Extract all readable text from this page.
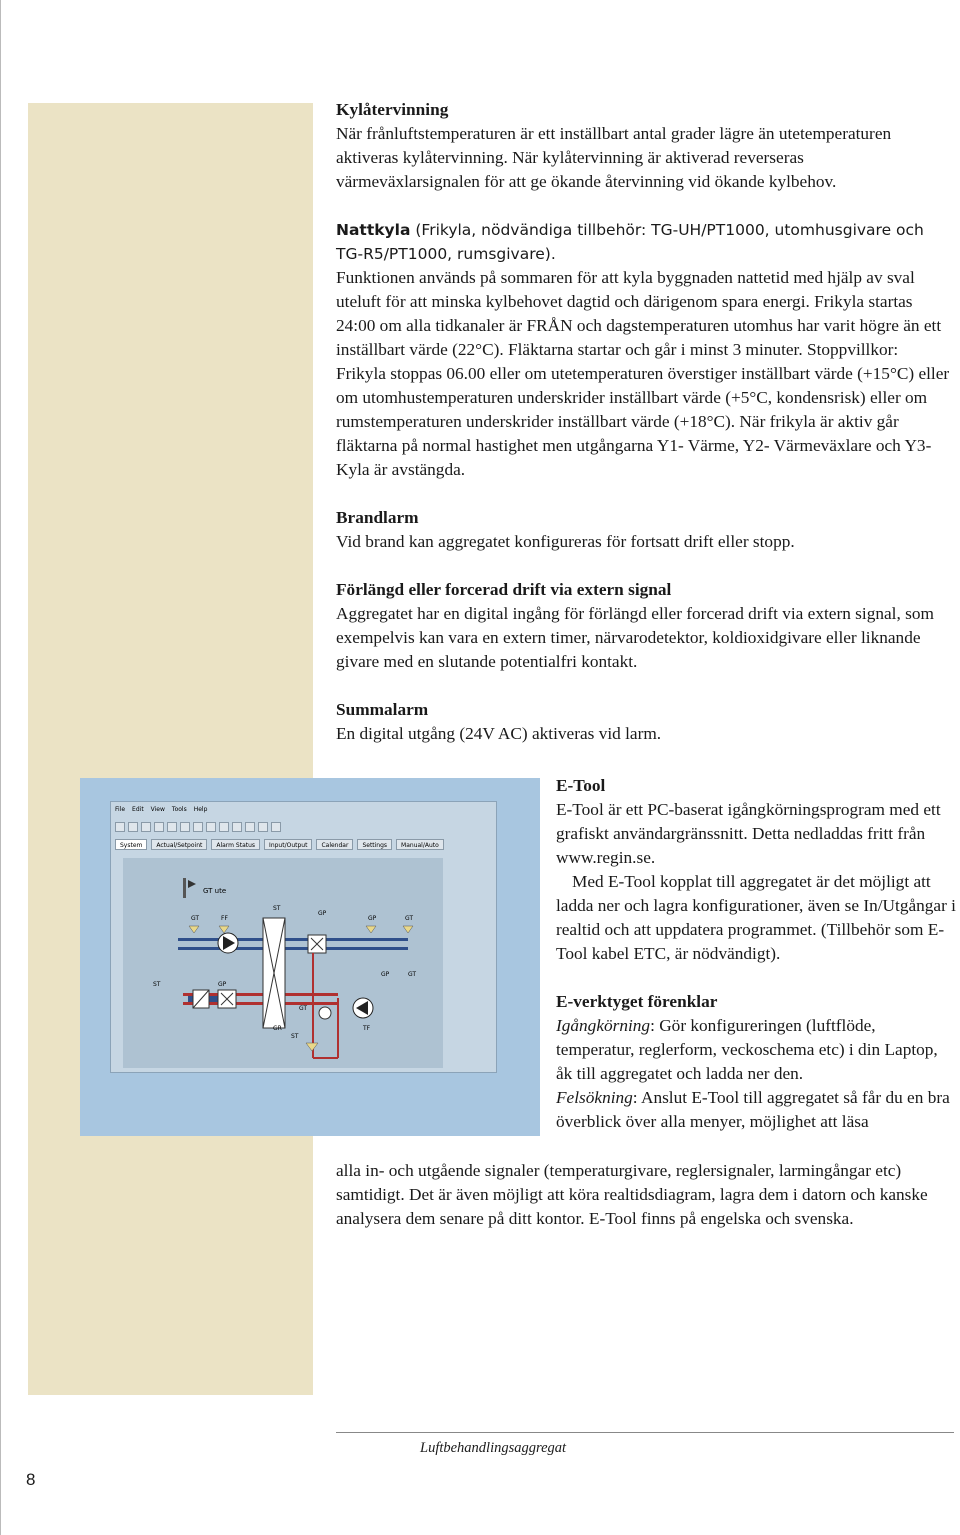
Kylåtervinning

När frånluftstemperaturen är ett inställbart antal grader lägre än utetemperaturen aktiveras kylåtervinning. När kylåtervinning är aktiverad reverseras värmeväxlarsignalen för att ge ökande återvinning vid ökande kylbehov.

Nattkyla (Frikyla, nödvändiga tillbehör: TG-UH/PT1000, utomhusgivare och TG-R5/PT1000, rumsgivare).

Funktionen används på sommaren för att kyla byggnaden nattetid med hjälp av sval uteluft för att minska kylbehovet dagtid och därigenom spara energi. Frikyla startas 24:00 om alla tidkanaler är FRÅN och dagstemperaturen utomhus har varit högre än ett inställbart värde (22°C). Fläktarna startar och går i minst 3 minuter. Stoppvillkor: Frikyla stoppas 06.00 eller om utetemperaturen överstiger inställbart värde (+15°C) eller om utomhustemperaturen underskrider inställbart värde (+5°C, kondensrisk) eller om rumstemperaturen underskrider inställbart värde (+18°C). När frikyla är aktiv går fläktarna på normal hastighet men utgångarna Y1- Värme, Y2- Värmeväxlare och Y3-Kyla är avstängda.

Brandlarm

Vid brand kan aggregatet konfigureras för fortsatt drift eller stopp.

Förlängd eller forcerad drift via extern signal

Aggregatet har en digital ingång för förlängd eller forcerad drift via extern signal, som exempelvis kan vara en extern timer, närvarodetektor, koldioxidgivare eller liknande givare med en slutande potentialfri kontakt.

Summalarm

En digital utgång (24V AC) aktiveras vid larm.

File Edit View Tools Help
System	Actual/Setpoint	Alarm Status	Input/Output	Calendar	Settings	Manual/Auto
GT ute
GT	FF
ST
GP
GP	GT
ST	GP
TF
GP	GT
GT
ST
GR

E-Tool

E-Tool är ett PC-baserat igångkörningsprogram med ett grafiskt användargränssnitt. Detta nedladdas fritt från www.regin.se.

Med E-Tool kopplat till aggregatet är det möjligt att ladda ner och lagra konfigurationer, även se In/Utgångar i realtid och att uppdatera programmet. (Tillbehör som E-Tool kabel ETC, är nödvändigt).

E-verktyget förenklar

Igångkörning: Gör konfigureringen (luftflöde, temperatur, reglerform, veckoschema etc) i din Laptop, åk till aggregatet och ladda ner den.

Felsökning: Anslut E-Tool till aggregatet så får du en bra överblick över alla menyer, möjlighet att läsa

alla in- och utgående signaler (temperaturgivare, reglersignaler, larmingångar etc) samtidigt. Det är även möjligt att köra realtidsdiagram, lagra dem i datorn och kanske analysera dem senare på ditt kontor. E-Tool finns på engelska och svenska.

Luftbehandlingsaggregat
8
